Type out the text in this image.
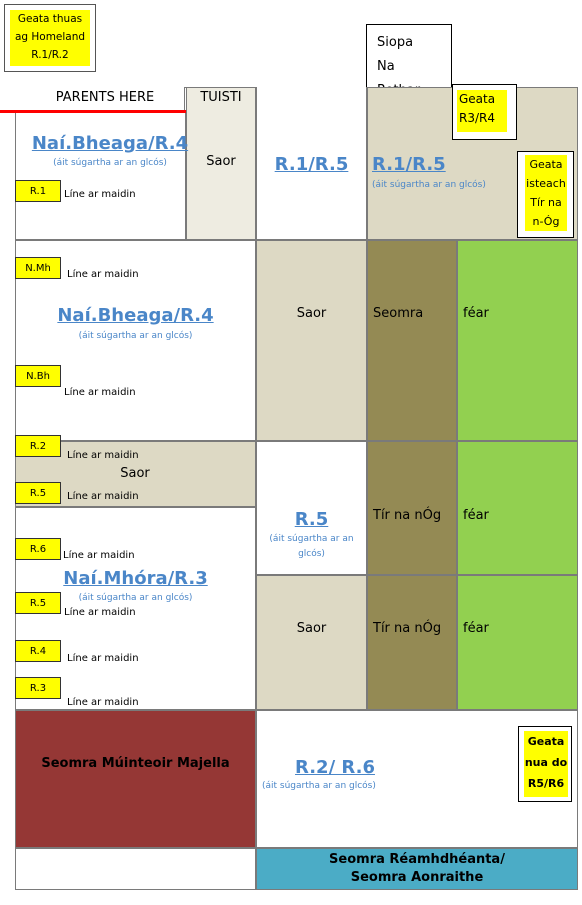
Geata thuas
ag Homeland
R.1/R.2
Siopa
Na
PARENTS HERE	TUISTI
Naí.Bheaga/R.4
(áit súgartha ar an glcós)
R.1	Líne ar maidin
Saor	R.1/R.5	R.1/R.5
(áit súgartha ar an glcós)
Geata
R3/R4
Geata
isteach
Tír na
n-Óg
N.Mh
Líne ar maidin
Naí.Bheaga/R.4
(áit súgartha ar an glcós)
N.Bh
Líne ar maidin
Saor	Seomra	féar
R.2
Líne ar maidin
Saor
R.5	Líne ar maidin
R.6
Líne ar maidin
Naí.Mhóra/R.3
(áit súgartha ar an glcós)
R.5
Líne ar maidin
R.4
Líne ar maidin
R.3
Líne ar maidin
R.5
(áit súgartha ar an glcós)
Saor
Tír na nÓg
Tír na nÓg
féar
féar
Seomra Múinteoir Majella	R.2/ R.6
(áit súgartha ar an glcós)
Geata
nua do
R5/R6
Seomra Réamhdhéanta/
Seomra Aonraithe
